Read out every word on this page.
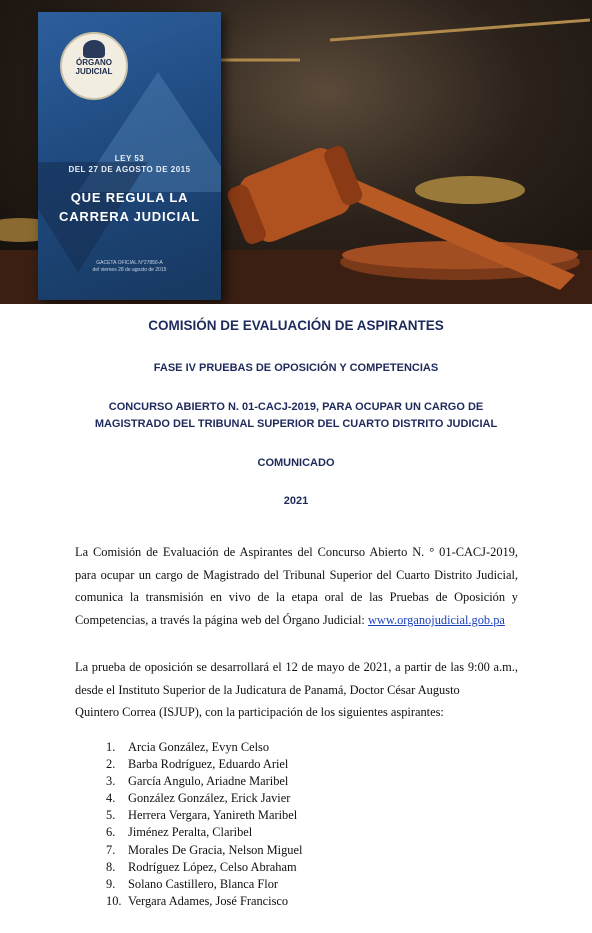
ÓRGANO
JUDICIAL
LEY 53
DEL 27 DE AGOSTO DE 2015
QUE REGULA LA
CARRERA JUDICIAL
GACETA OFICIAL N°27856-A
del viernes 28 de agosto de 2015
COMISIÓN DE EVALUACIÓN DE ASPIRANTES
FASE IV PRUEBAS DE OPOSICIÓN Y COMPETENCIAS
CONCURSO ABIERTO N. 01-CACJ-2019, PARA OCUPAR UN CARGO DE
MAGISTRADO DEL TRIBUNAL SUPERIOR DEL CUARTO DISTRITO JUDICIAL
COMUNICADO
2021

La Comisión de Evaluación de Aspirantes del Concurso Abierto N. ° 01-CACJ-2019, para ocupar un cargo de Magistrado del Tribunal Superior del Cuarto Distrito Judicial, comunica la transmisión en vivo de la etapa oral de las Pruebas de Oposición y Competencias, a través la página web del Órgano Judicial: www.organojudicial.gob.pa

La prueba de oposición se desarrollará el 12 de mayo de 2021, a partir de las 9:00 a.m., desde el Instituto Superior de la Judicatura de Panamá, Doctor César Augusto
Quintero Correa (ISJUP), con la participación de los siguientes aspirantes:

1.	Arcia González, Evyn Celso
2.	Barba Rodríguez, Eduardo Ariel
3.	García Angulo, Ariadne Maribel
4.	González González, Erick Javier
5.	Herrera Vergara, Yanireth Maribel
6.	Jiménez Peralta, Claribel
7.	Morales De Gracia, Nelson Miguel
8.	Rodríguez López, Celso Abraham
9.	Solano Castillero, Blanca Flor
10. Vergara Adames, José Francisco
